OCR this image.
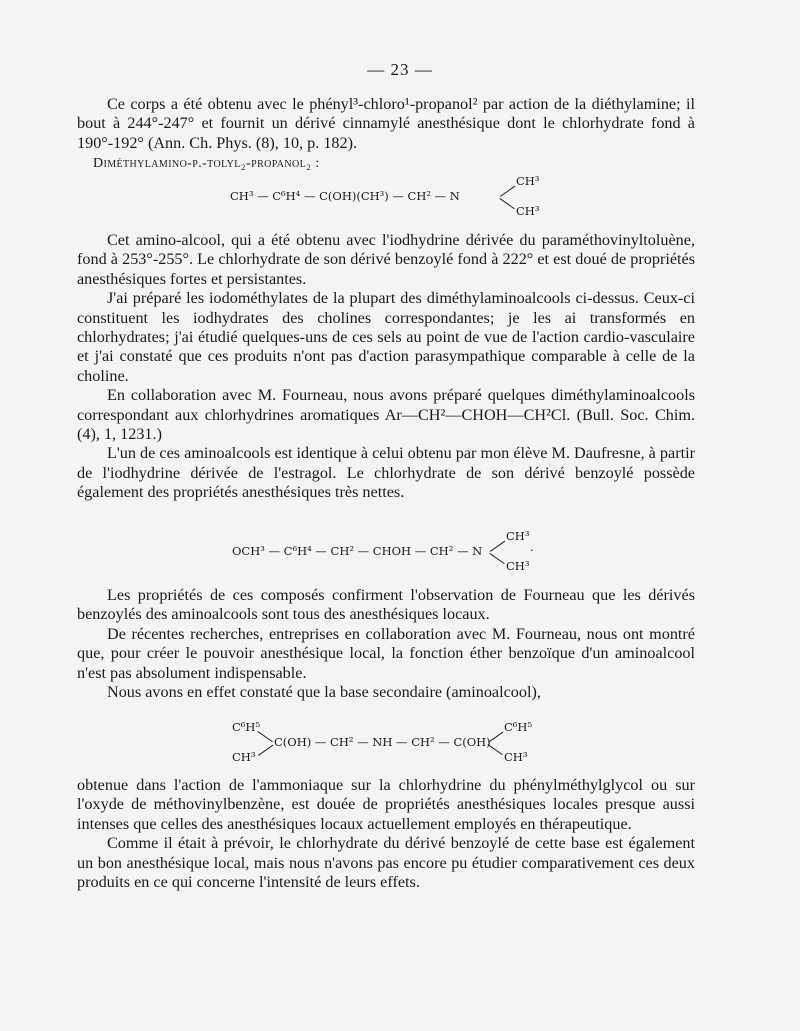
— 23 —

Ce corps a été obtenu avec le phényl³-chloro¹-propanol² par action de la diéthylamine; il bout à 244°-247° et fournit un dérivé cinnamylé anesthésique dont le chlorhydrate fond à 190°-192° (Ann. Ch. Phys. (8), 10, p. 182).

Diméthylamino-p.-tolyl₂-propanol₂ :

CH³ — C⁶H⁴ — C(OH)(CH³) — CH² — N
CH³
CH³

Cet amino-alcool, qui a été obtenu avec l'iodhydrine dérivée du paraméthovinyltoluène, fond à 253°-255°. Le chlorhydrate de son dérivé benzoylé fond à 222° et est doué de propriétés anesthésiques fortes et persistantes.

J'ai préparé les iodométhylates de la plupart des diméthylaminoalcools ci-dessus. Ceux-ci constituent les iodhydrates des cholines correspondantes; je les ai transformés en chlorhydrates; j'ai étudié quelques-uns de ces sels au point de vue de l'action cardio-vasculaire et j'ai constaté que ces produits n'ont pas d'action parasympathique comparable à celle de la choline.

En collaboration avec M. Fourneau, nous avons préparé quelques diméthylaminoalcools correspondant aux chlorhydrines aromatiques Ar—CH²—CHOH—CH²Cl. (Bull. Soc. Chim. (4), 1, 1231.)

L'un de ces aminoalcools est identique à celui obtenu par mon élève M. Daufresne, à partir de l'iodhydrine dérivée de l'estragol. Le chlorhydrate de son dérivé benzoylé possède également des propriétés anesthésiques très nettes.

OCH³ — C⁶H⁴ — CH² — CHOH — CH² — N
CH³
CH³
·

Les propriétés de ces composés confirment l'observation de Fourneau que les dérivés benzoylés des aminoalcools sont tous des anesthésiques locaux.

De récentes recherches, entreprises en collaboration avec M. Fourneau, nous ont montré que, pour créer le pouvoir anesthésique local, la fonction éther benzoïque d'un aminoalcool n'est pas absolument indispensable.

Nous avons en effet constaté que la base secondaire (aminoalcool),

C⁶H⁵
CH³
C(OH) — CH² — NH — CH² — C(OH)
C⁶H⁵
CH³

obtenue dans l'action de l'ammoniaque sur la chlorhydrine du phénylméthylglycol ou sur l'oxyde de méthovinylbenzène, est douée de propriétés anesthésiques locales presque aussi intenses que celles des anesthésiques locaux actuellement employés en thérapeutique.

Comme il était à prévoir, le chlorhydrate du dérivé benzoylé de cette base est également un bon anesthésique local, mais nous n'avons pas encore pu étudier comparativement ces deux produits en ce qui concerne l'intensité de leurs effets.
